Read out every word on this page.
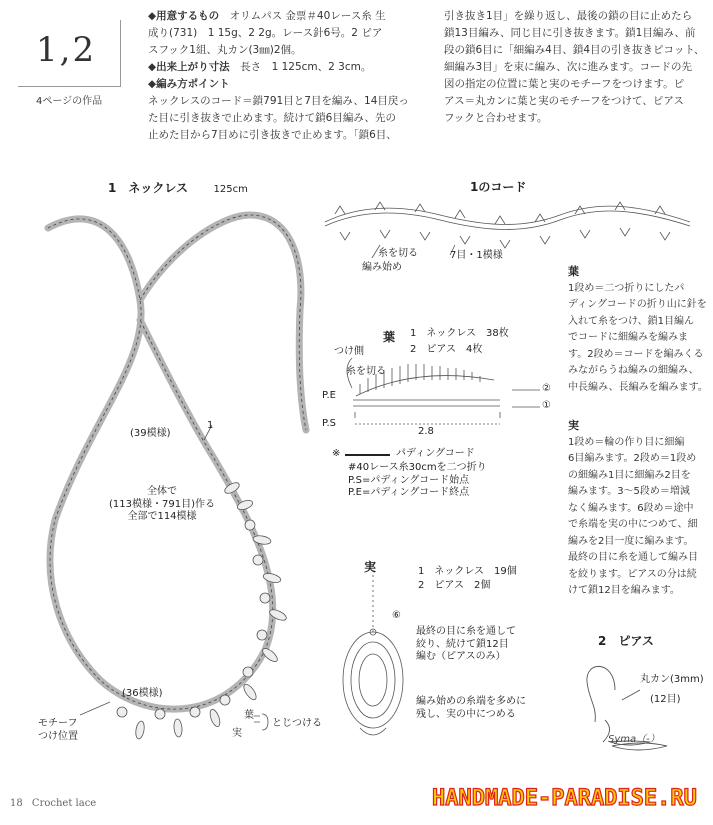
1,2
4ページの作品
◆用意するもの　 オリムパス 金票＃40レース糸 生
成り(731)　1 15g、2 2g。レース針6号。2 ピア
スフック1組、丸カン(3㎜)2個。
◆出来上がり寸法　 長さ　1 125cm、2 3cm。
◆編み方ポイント
ネックレスのコード＝鎖791目と7目を編み、14目戻っ
た目に引き抜きで止めます。続けて鎖6目編み、先の
止めた目から7目めに引き抜きで止めます。「鎖6目、
引き抜き1目」を繰り返し、最後の鎖の目に止めたら
鎖13目編み、同じ目に引き抜きます。鎖1目編み、前
段の鎖6目に「細編み4目、鎖4目の引き抜きピコット、
細編み3目」を束に編み、次に進みます。コードの先
図の指定の位置に葉と実のモチーフをつけます。ピ
アス＝丸カンに葉と実のモチーフをつけて、ピアス
フックと合わせます。
1　ネックレス	125cm
(39模様)
1
全体で
(113模様・791目)作る
全部で114模様
(36模様)
モチーフ
つけ位置
葉
実
とじつける
1のコード
糸を切る
編み始め
7目・1模様
葉 1　ネックレス　38枚
2　ピアス　4枚
つけ側
糸を切る
P.E
P.S
②
①
2.8
※	パディングコード
#40レース糸30cmを二つ折り
P.S=パディングコード始点
P.E=パディングコード終点
実	1　ネックレス　19個
2　ピアス　2個
⑥
最終の目に糸を通して
絞り、続けて鎖12目
編む（ピアスのみ）
編み始めの糸端を多めに
残し、実の中につめる
葉
1段め＝二つ折りにしたパ
ディングコードの折り山に針を
入れて糸をつけ、鎖1目編ん
でコードに細編みを編みま
す。2段め＝コードを編みくる
みながらうね編みの細編み、
中長編み、長編みを編みます。
実
1段め＝輪の作り目に細編
6目編みます。2段め＝1段め
の細編み1目に細編み2目を
編みます。3〜5段め＝増減
なく編みます。6段め＝途中
で糸端を実の中につめて、細
編みを2目一度に編みます。
最終の目に糸を通して編み目
を絞ります。ピアスの分は続
けて鎖12目を編みます。
2　ピアス
丸カン(3mm)
(12目)
Syma（-）
18 Crochet lace	HANDMADE-PARADISE.RU
